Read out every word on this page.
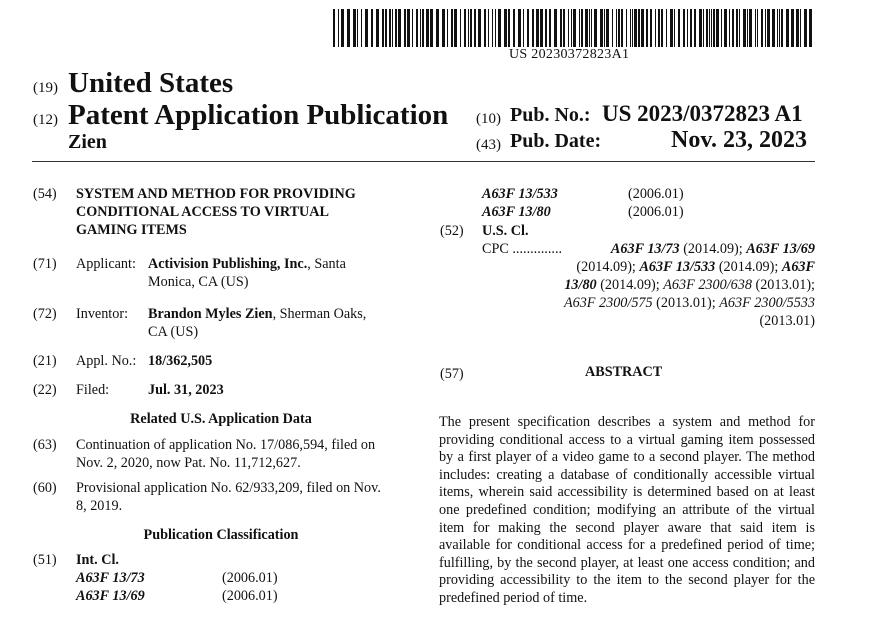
US 20230372823A1
(19) United States
(12) Patent Application Publication
Zien
(10) Pub. No.: US 2023/0372823 A1
(43) Pub. Date:	Nov. 23, 2023
(54) SYSTEM AND METHOD FOR PROVIDING
CONDITIONAL ACCESS TO VIRTUAL
GAMING ITEMS
(71) Applicant: Activision Publishing, Inc., Santa
Monica, CA (US)
(72) Inventor: Brandon Myles Zien, Sherman Oaks,
CA (US)
(21) Appl. No.: 18/362,505
(22) Filed:	Jul. 31, 2023
Related U.S. Application Data
(63) Continuation of application No. 17/086,594, filed on
Nov. 2, 2020, now Pat. No. 11,712,627.
(60) Provisional application No. 62/933,209, filed on Nov.
8, 2019.
Publication Classification
(51) Int. Cl.
A63F 13/73	(2006.01)
A63F 13/69	(2006.01)
A63F 13/533	(2006.01)
A63F 13/80	(2006.01)
(52) U.S. Cl.
CPC ..............	A63F 13/73 (2014.09); A63F 13/69
(2014.09); A63F 13/533 (2014.09); A63F
13/80 (2014.09); A63F 2300/638 (2013.01);
A63F 2300/575 (2013.01); A63F 2300/5533
(2013.01)
(57)	ABSTRACT
The present specification describes a system and method for providing conditional access to a virtual gaming item possessed by a first player of a video game to a second player. The method includes: creating a database of conditionally accessible virtual items, wherein said accessibility is determined based on at least one predefined condition; modifying an attribute of the virtual item for making the second player aware that said item is available for conditional access for a predefined period of time; fulfilling, by the second player, at least one access condition; and providing accessibility to the item to the second player for the predefined period of time.
